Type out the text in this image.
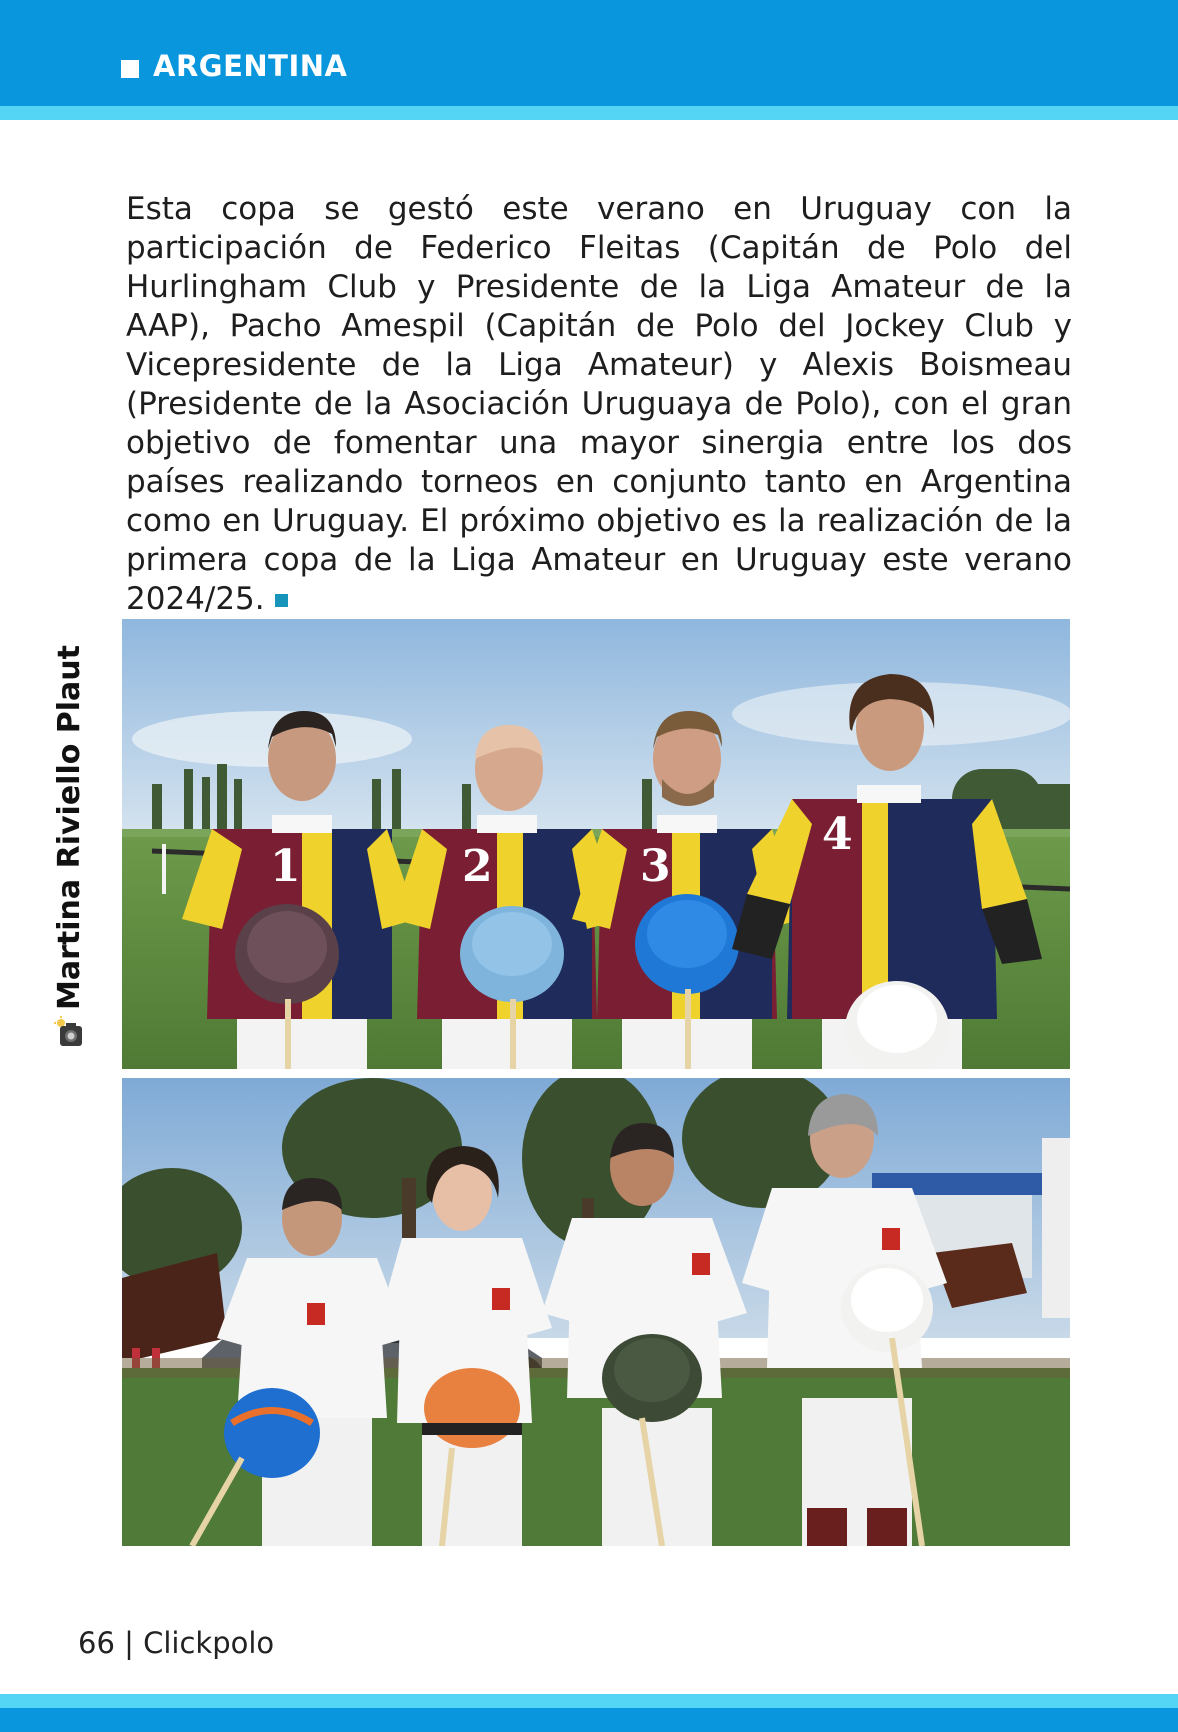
ARGENTINA

Esta copa se gestó este verano en Uruguay con la participación de Federico Fleitas (Capitán de Polo del Hurlingham Club y Presidente de la Liga Amateur de la AAP), Pacho Amespil (Capitán de Polo del Jockey Club y Vicepresidente de la Liga Amateur) y Alexis Boismeau (Presidente de la Asociación Uruguaya de Polo), con el gran objetivo de fomentar una mayor sinergia entre los dos países realizando torneos en conjunto tanto en Argentina como en Uruguay. El próximo objetivo es la realización de la primera copa de la Liga Amateur en Uruguay este verano 2024/25.

Martina Riviello Plaut	1	2	3
4
66 | Clickpolo
